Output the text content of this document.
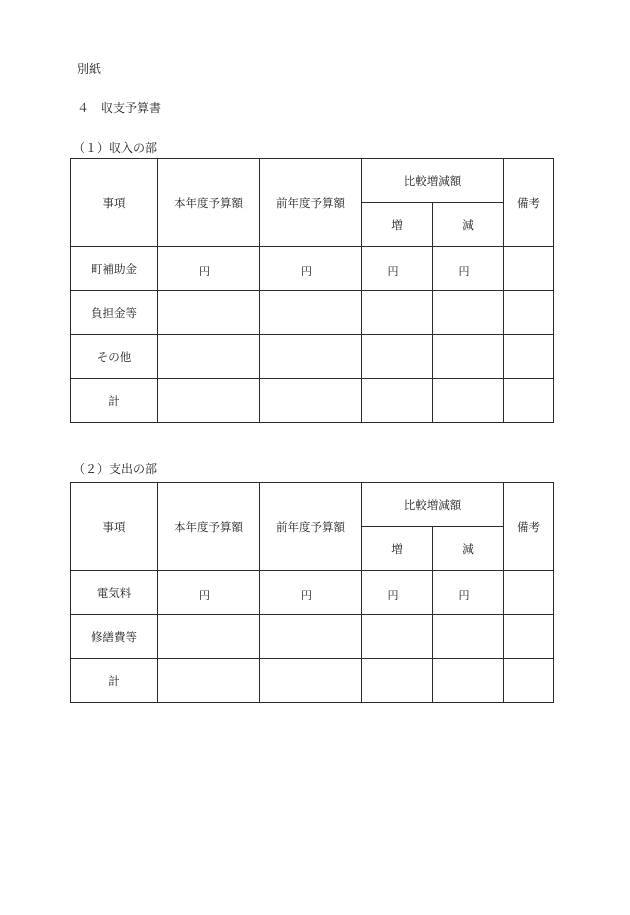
別紙
４　収支予算書
（１）収入の部
事項	本年度予算額	前年度予算額	比較増減額		備考
			増	減	
町補助金	円	円	円	円	
負担金等					
その他					
計					
（２）支出の部
事項	本年度予算額	前年度予算額	比較増減額		備考
			増	減	
電気料	円	円	円	円	
修繕費等					
計					
